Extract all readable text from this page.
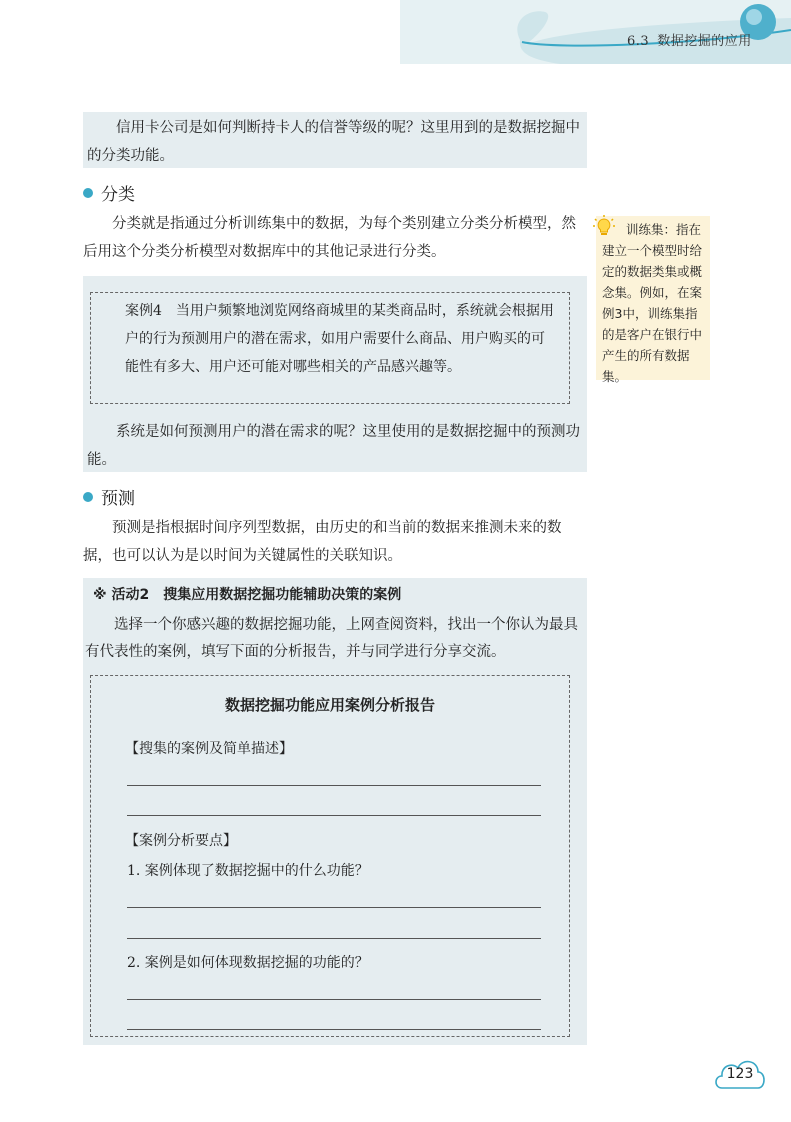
6.3 数据挖掘的应用

信用卡公司是如何判断持卡人的信誉等级的呢？这里用到的是数据挖掘中的分类功能。

分类

分类就是指通过分析训练集中的数据，为每个类别建立分类分析模型，然后用这个分类分析模型对数据库中的其他记录进行分类。

训练集：指在建立一个模型时给定的数据类集或概念集。例如，在案例3中，训练集指的是客户在银行中产生的所有数据集。

案例4 当用户频繁地浏览网络商城里的某类商品时，系统就会根据用户的行为预测用户的潜在需求，如用户需要什么商品、用户购买的可能性有多大、用户还可能对哪些相关的产品感兴趣等。

系统是如何预测用户的潜在需求的呢？这里使用的是数据挖掘中的预测功能。

预测

预测是指根据时间序列型数据，由历史的和当前的数据来推测未来的数据，也可以认为是以时间为关键属性的关联知识。

※ 活动2　搜集应用数据挖掘功能辅助决策的案例

选择一个你感兴趣的数据挖掘功能，上网查阅资料，找出一个你认为最具有代表性的案例，填写下面的分析报告，并与同学进行分享交流。

数据挖掘功能应用案例分析报告
【搜集的案例及简单描述】
【案例分析要点】
1. 案例体现了数据挖掘中的什么功能？
2. 案例是如何体现数据挖掘的功能的？
123
